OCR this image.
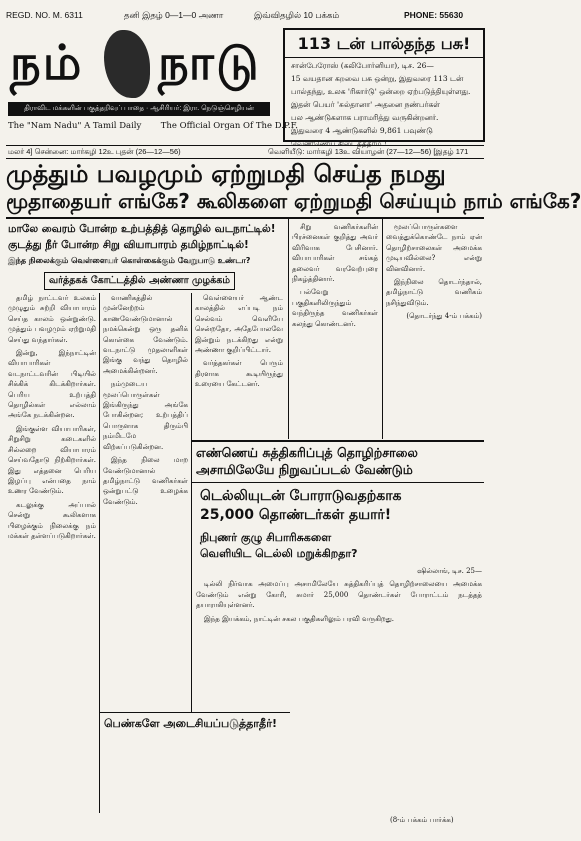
REGD. NO. M. 6311	தனி இதழ் 0—1—0 அணா	இவ்விதழில் 10 பக்கம்	PHONE: 55630
நம் நாடு
திராவிட மக்களின் பகுத்தறிவுப் பாதை · ஆசிரியர்: இரா. நெடுஞ்செழியன்
The "Nam Nadu" A Tamil Daily The Official Organ Of The D.P.F.
113 டன் பால்தந்த பசு!

சான்பேரோஸ் (கலிபோர்னியா), டிச. 26—

15 வயதான கறவை பசு ஒன்று, இதுவரை 113 டன்

பால்தந்து, உலக 'ரிகார்டு' ஒன்றை ஏற்படுத்தியுள்ளது.

இதன் பெயர் 'சுல்தானா' அதனை நண்பர்கள்

பல ஆண்டுகளாக பராமரித்து வருகின்றனர்.

இதுவரை 4 ஆண்டுகளில் 9,861 பவுண்டு

வெண்ணெய் கிடைத்ததாம் !

மலர் 4] சென்னை: மார்கழி 12உ புதன் (26—12—56)	வெளியீடு: மார்கழி 13உ வியாழன் (27—12—56) [இதழ் 171
முத்தும் பவழமும் ஏற்றுமதி செய்த நமது
மூதாதையர் எங்கே? கூலிகளை ஏற்றுமதி செய்யும் நாம் எங்கே?
மாலே வைரம் போன்ற உற்பத்தித் தொழில் வடநாட்டில்!
குடத்து நீர் போன்ற சிறு வியாபாரம் தமிழ்நாட்டில்!
இந்த நிலைக்கும் வெள்ளையர் கொள்கைக்கும் வேறுபாடு உண்டா?
வர்த்தகக் கோட்டத்தில் அண்ணா முழக்கம்

தமிழ் நாட்டவர் உலகம் முழுதும் சுற்றி வியாபாரம் செய்த காலம் ஒன்றுண்டு. முத்தும் பவழமும் ஏற்றுமதி செய்து வந்தார்கள்.

இன்று, இந்நாட்டின் வியாபாரிகள் வடநாட்டவரின் பிடியில் சிக்கிக் கிடக்கிறார்கள். பெரிய உற்பத்தி தொழில்கள் எல்லாம் அங்கே நடக்கின்றன.

இங்குள்ள வியாபாரிகள், சிறுசிறு கடைகளில் சில்லறை வியாபாரம் செய்வதோடு நிற்கிறார்கள். இது எத்தனை பெரிய இழப்பு என்பதை நாம் உணர வேண்டும்.

கடலுக்கு அப்பால் சென்று கூலிகளாக பிழைக்கும் நிலைக்கு நம் மக்கள் தள்ளப்படுகிறார்கள்.

வாணிகத்தில் முன்னேற்றம் காணவேண்டுமானால் நமக்கென்று ஒரு தனிக் கொள்கை வேண்டும். வடநாட்டு முதலாளிகள் இங்கு வந்து தொழில் அமைக்கின்றனர்.

நம்முடைய மூலப்பொருள்கள் இங்கிருந்து அங்கே போகின்றன; உற்பத்திப் பொருளாக திரும்பி நம்மிடமே விற்கப்படுகின்றன.

இந்த நிலை மாற வேண்டுமானால் தமிழ்நாட்டு வணிகர்கள் ஒன்றுபட்டு உழைக்க வேண்டும்.

வெள்ளையர் ஆண்ட காலத்தில் எப்படி நம் செல்வம் வெளியே சென்றதோ, அதேபோலவே இன்றும் நடக்கிறது என்று அண்ணா குறிப்பிட்டார்.

வர்த்தகர்கள் பெரும் திரளாக கூடியிருந்து உரையை கேட்டனர்.

சிறு வணிகர்களின் பிரச்னைகள் குறித்து அவர் விரிவாக பேசினார். வியாபாரிகள் சங்கத் தலைவர் வரவேற்புரை நிகழ்த்தினார்.

பல்வேறு பகுதிகளிலிருந்தும் வந்திருந்த வணிகர்கள் கலந்து கொண்டனர்.

மூலப்பொருள்களை வைத்துக்கொண்டே நாம் ஏன் தொழிற்சாலைகள் அமைக்க முடியவில்லை? என்று வினவினார்.

இந்நிலை தொடர்ந்தால், தமிழ்நாட்டு வணிகம் நசிந்துவிடும்.

(தொடர்ந்து 4-ம் பக்கம்)

எண்ணெய் சுத்திகரிப்புத் தொழிற்சாலை
அசாமிலேயே நிறுவப்படல் வேண்டும்
டெல்லியுடன் போராடுவதற்காக
25,000 தொண்டர்கள் தயார்!
நிபுணர் குழு சிபாரிசுகளை
வெளியிட டெல்லி மறுக்கிறதா?

ஷில்லாங், டிச. 25—

டில்லி நிர்வாக அமைப்பு அசாமிலேயே சுத்திகரிப்புத் தொழிற்சாலையை அமைக்க வேண்டும் என்று கோரி, சுமார் 25,000 தொண்டர்கள் போராட்டம் நடத்தத் தயாராகியுள்ளனர்.

இந்த இயக்கம், நாட்டின் சகல பகுதிகளிலும் பரவி வருகிறது.

பெண்களே அடைசியப்படுத்தாதீர்!
(8-ம் பக்கம் பார்க்க)
